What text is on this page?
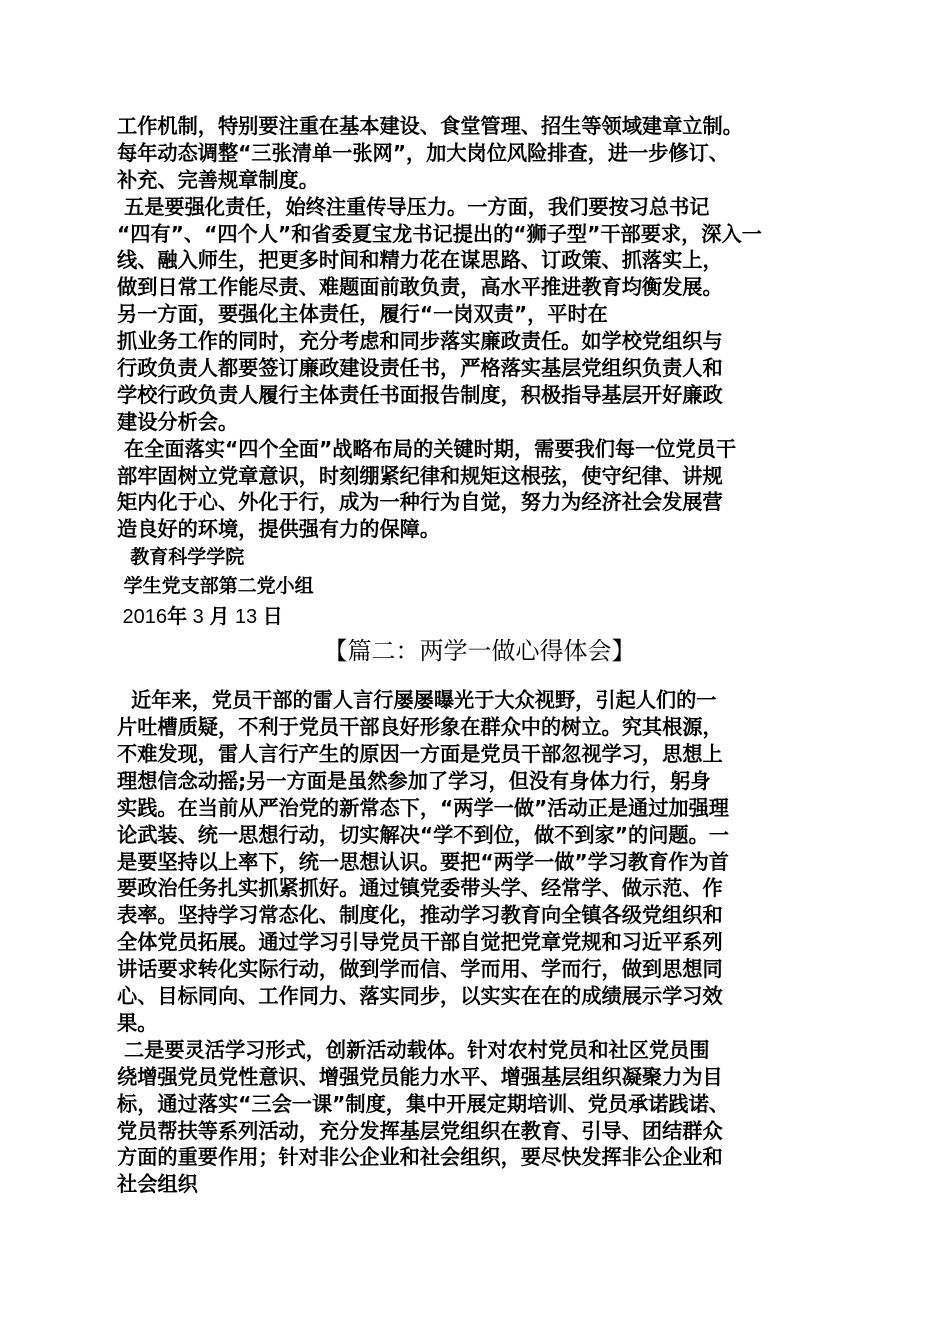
工作机制，特别要注重在基本建设、食堂管理、招生等领域建章立制。
每年动态调整“三张清单一张网”，加大岗位风险排查，进一步修订、
补充、完善规章制度。
五是要强化责任，始终注重传导压力。一方面，我们要按习总书记
“四有”、“四个人”和省委夏宝龙书记提出的“狮子型”干部要求，深入一
线、融入师生，把更多时间和精力花在谋思路、订政策、抓落实上，
做到日常工作能尽责、难题面前敢负责，高水平推进教育均衡发展。
另一方面，要强化主体责任，履行“一岗双责”，平时在
抓业务工作的同时，充分考虑和同步落实廉政责任。如学校党组织与
行政负责人都要签订廉政建设责任书，严格落实基层党组织负责人和
学校行政负责人履行主体责任书面报告制度，积极指导基层开好廉政
建设分析会。
在全面落实“四个全面”战略布局的关键时期，需要我们每一位党员干
部牢固树立党章意识，时刻绷紧纪律和规矩这根弦，使守纪律、讲规
矩内化于心、外化于行，成为一种行为自觉，努力为经济社会发展营
造良好的环境，提供强有力的保障。
教育科学学院
学生党支部第二党小组
2016年 3 月 13 日
【篇二：两学一做心得体会】
近年来，党员干部的雷人言行屡屡曝光于大众视野，引起人们的一
片吐槽质疑，不利于党员干部良好形象在群众中的树立。究其根源，
不难发现，雷人言行产生的原因一方面是党员干部忽视学习，思想上
理想信念动摇;另一方面是虽然参加了学习，但没有身体力行，躬身
实践。在当前从严治党的新常态下，“两学一做”活动正是通过加强理
论武装、统一思想行动，切实解决“学不到位，做不到家”的问题。一
是要坚持以上率下，统一思想认识。要把“两学一做”学习教育作为首
要政治任务扎实抓紧抓好。通过镇党委带头学、经常学、做示范、作
表率。坚持学习常态化、制度化，推动学习教育向全镇各级党组织和
全体党员拓展。通过学习引导党员干部自觉把党章党规和习近平系列
讲话要求转化实际行动，做到学而信、学而用、学而行，做到思想同
心、目标同向、工作同力、落实同步，以实实在在的成绩展示学习效
果。
二是要灵活学习形式，创新活动载体。针对农村党员和社区党员围
绕增强党员党性意识、增强党员能力水平、增强基层组织凝聚力为目
标，通过落实“三会一课”制度，集中开展定期培训、党员承诺践诺、
党员帮扶等系列活动，充分发挥基层党组织在教育、引导、团结群众
方面的重要作用；针对非公企业和社会组织，要尽快发挥非公企业和
社会组织
